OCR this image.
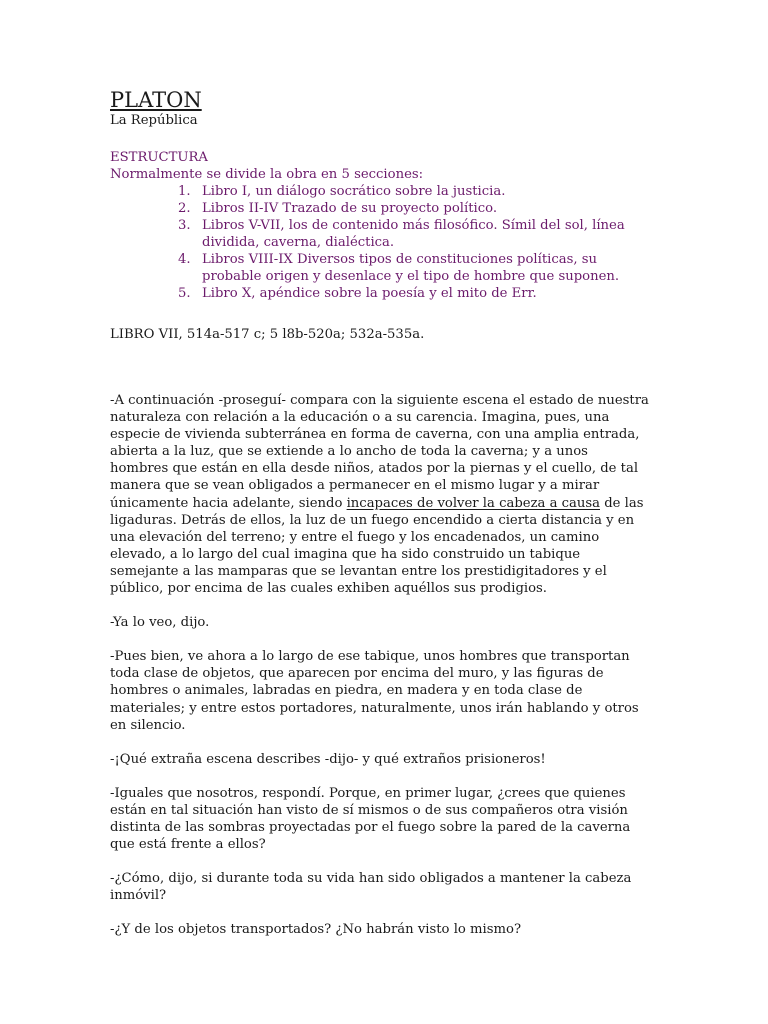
PLATON

La República

ESTRUCTURA

Normalmente se divide la obra en 5 secciones:

1. Libro I, un diálogo socrático sobre la justicia.
2. Libros II-IV Trazado de su proyecto político.
3. Libros V-VII, los de contenido más filosófico. Símil del sol, línea dividida, caverna, dialéctica.
4. Libros VIII-IX Diversos tipos de constituciones políticas, su probable origen y desenlace y el tipo de hombre que suponen.
5. Libro X, apéndice sobre la poesía y el mito de Err.

LIBRO VII, 514a-517 c; 5 l8b-520a; 532a-535a.

-A continuación -proseguí- compara con la siguiente escena el estado de nuestra naturaleza con relación a la educación o a su carencia. Imagina, pues, una especie de vivienda subterránea en forma de caverna, con una amplia entrada, abierta a la luz, que se extiende a lo ancho de toda la caverna; y a unos hombres que están en ella desde niños, atados por la piernas y el cuello, de tal manera que se vean obligados a permanecer en el mismo lugar y a mirar únicamente hacia adelante, siendo incapaces de volver la cabeza a causa de las ligaduras. Detrás de ellos, la luz de un fuego encendido a cierta distancia y en una elevación del terreno; y entre el fuego y los encadenados, un camino elevado, a lo largo del cual imagina que ha sido construido un tabique semejante a las mamparas que se levantan entre los prestidigitadores y el público, por encima de las cuales exhiben aquéllos sus prodigios.

-Ya lo veo, dijo.

-Pues bien, ve ahora a lo largo de ese tabique, unos hombres que transportan toda clase de objetos, que aparecen por encima del muro, y las figuras de hombres o animales, labradas en piedra, en madera y en toda clase de materiales; y entre estos portadores, naturalmente, unos irán hablando y otros en silencio.

-¡Qué extraña escena describes -dijo- y qué extraños prisioneros!

-Iguales que nosotros, respondí. Porque, en primer lugar, ¿crees que quienes están en tal situación han visto de sí mismos o de sus compañeros otra visión distinta de las sombras proyectadas por el fuego sobre la pared de la caverna que está frente a ellos?

-¿Cómo, dijo, si durante toda su vida han sido obligados a mantener la cabeza inmóvil?

-¿Y de los objetos transportados? ¿No habrán visto lo mismo?
